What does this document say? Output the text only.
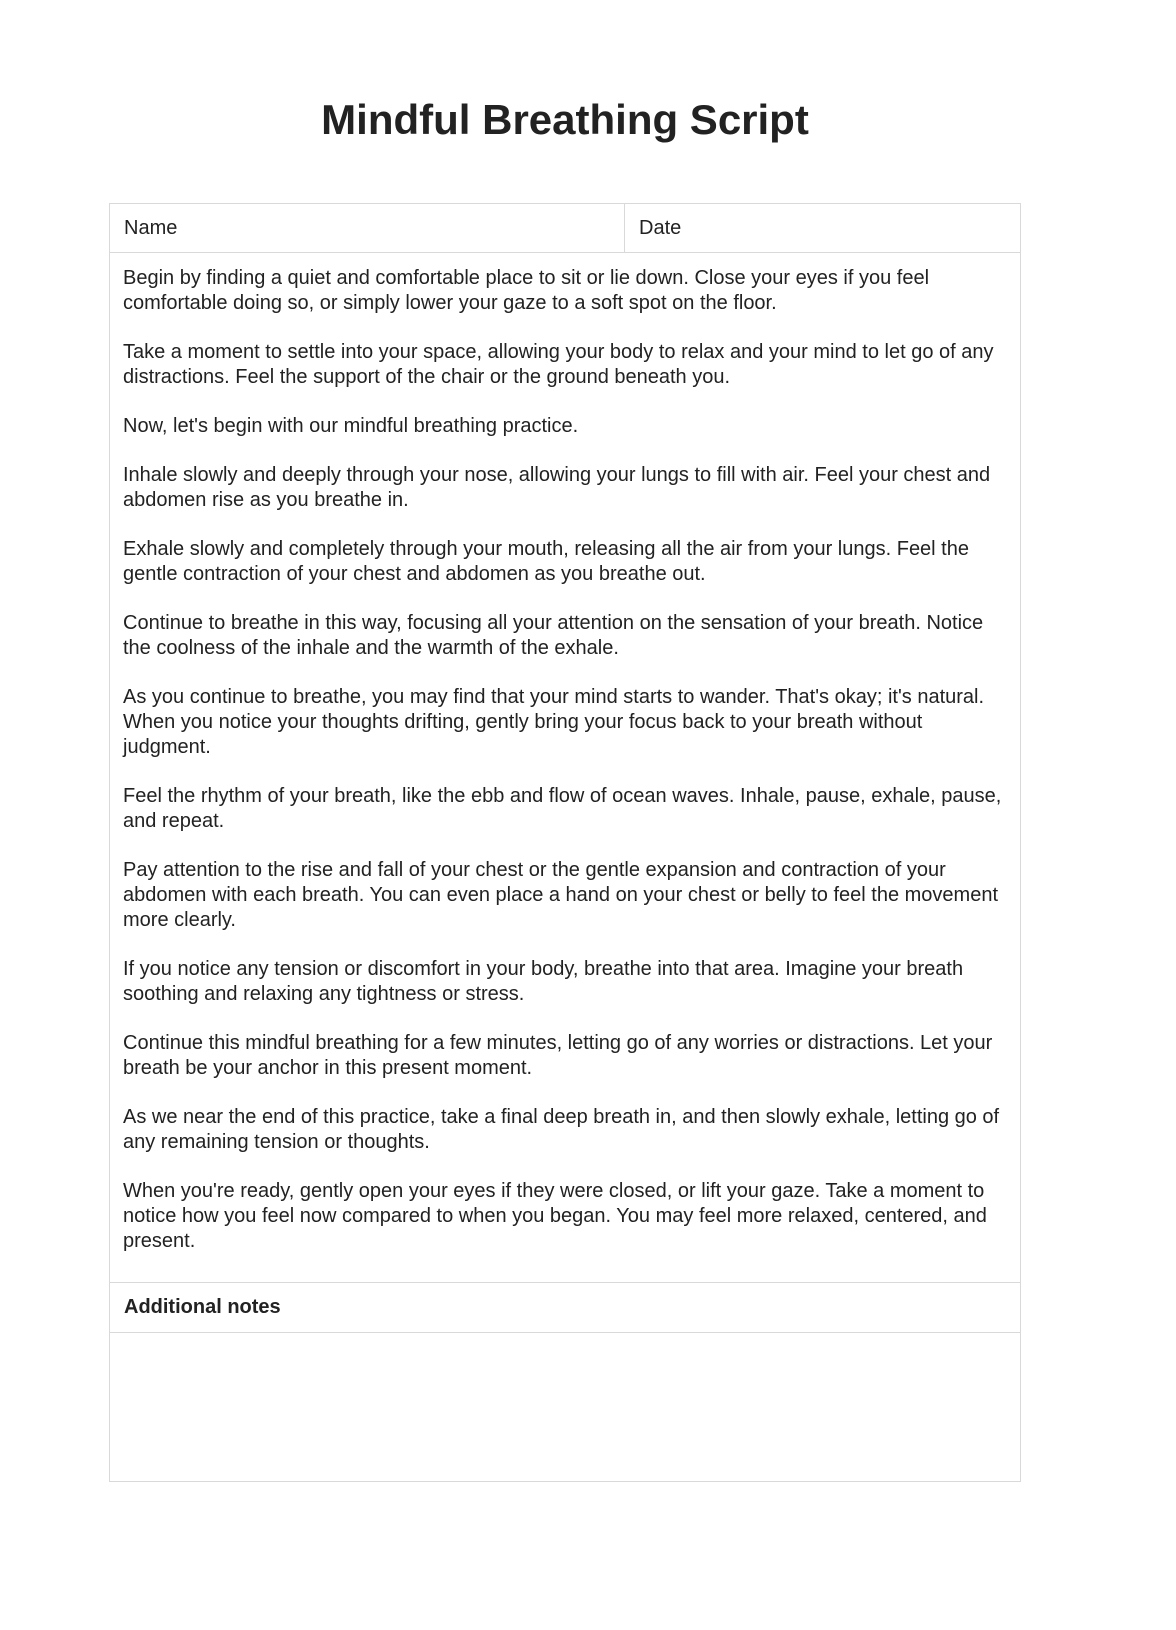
Mindful Breathing Script
Name	Date

Begin by finding a quiet and comfortable place to sit or lie down. Close your eyes if you feel comfortable doing so, or simply lower your gaze to a soft spot on the floor.

Take a moment to settle into your space, allowing your body to relax and your mind to let go of any distractions. Feel the support of the chair or the ground beneath you.

Now, let's begin with our mindful breathing practice.

Inhale slowly and deeply through your nose, allowing your lungs to fill with air. Feel your chest and abdomen rise as you breathe in.

Exhale slowly and completely through your mouth, releasing all the air from your lungs. Feel the gentle contraction of your chest and abdomen as you breathe out.

Continue to breathe in this way, focusing all your attention on the sensation of your breath. Notice the coolness of the inhale and the warmth of the exhale.

As you continue to breathe, you may find that your mind starts to wander. That's okay; it's natural. When you notice your thoughts drifting, gently bring your focus back to your breath without judgment.

Feel the rhythm of your breath, like the ebb and flow of ocean waves. Inhale, pause, exhale, pause, and repeat.

Pay attention to the rise and fall of your chest or the gentle expansion and contraction of your abdomen with each breath. You can even place a hand on your chest or belly to feel the movement more clearly.

If you notice any tension or discomfort in your body, breathe into that area. Imagine your breath soothing and relaxing any tightness or stress.

Continue this mindful breathing for a few minutes, letting go of any worries or distractions. Let your breath be your anchor in this present moment.

As we near the end of this practice, take a final deep breath in, and then slowly exhale, letting go of any remaining tension or thoughts.

When you're ready, gently open your eyes if they were closed, or lift your gaze. Take a moment to notice how you feel now compared to when you began. You may feel more relaxed, centered, and present.

Additional notes
